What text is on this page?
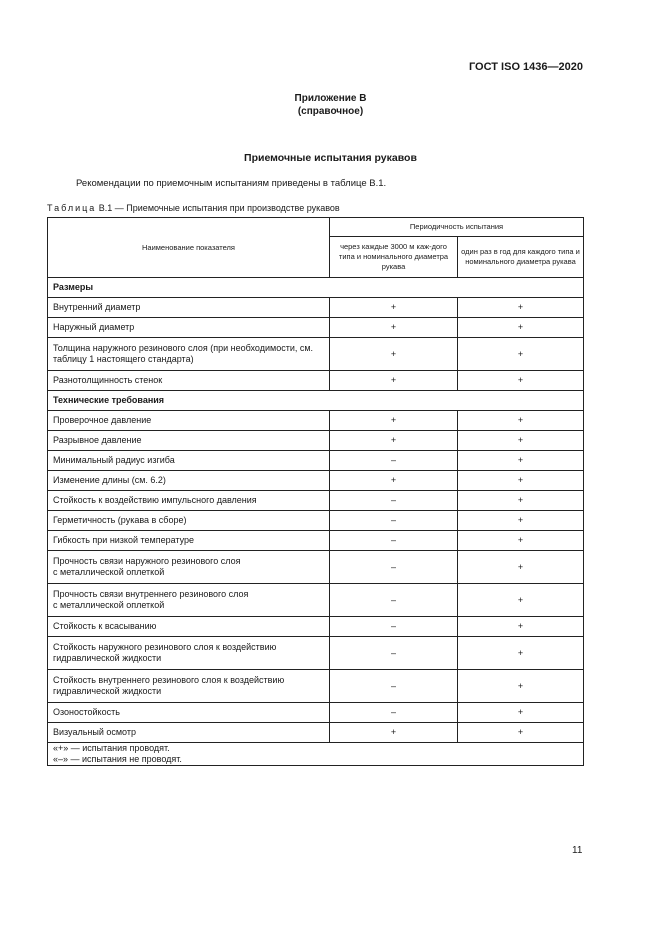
ГОСТ ISO 1436—2020
Приложение В
(справочное)
Приемочные испытания рукавов
Рекомендации по приемочным испытаниям приведены в таблице В.1.
Таблица В.1 — Приемочные испытания при производстве рукавов
Наименование показателя	Периодичность испытания	
	через каждые 3000 м каж-дого типа и номинального диаметра рукава	один раз в год для каждого типа и номинального диаметра рукава
Размеры		
Внутренний диаметр	+	+
Наружный диаметр	+	+
Толщина наружного резинового слоя (при необходимости, см. таблицу 1 настоящего стандарта)	+	+
Разнотолщинность стенок	+	+
Технические требования		
Проверочное давление	+	+
Разрывное давление	+	+
Минимальный радиус изгиба	–	+
Изменение длины (см. 6.2)	+	+
Стойкость к воздействию импульсного давления	–	+
Герметичность (рукава в сборе)	–	+
Гибкость при низкой температуре	–	+
Прочность связи наружного резинового слоя
с металлической оплеткой	–	+
Прочность связи внутреннего резинового слоя
с металлической оплеткой	–	+
Стойкость к всасыванию	–	+
Стойкость наружного резинового слоя к воздействию гидравлической жидкости	–	+
Стойкость внутреннего резинового слоя к воздействию гидравлической жидкости	–	+
Озоностойкость	–	+
Визуальный осмотр	+	+

«+» — испытания проводят.
«–» — испытания не проводят.		
11
